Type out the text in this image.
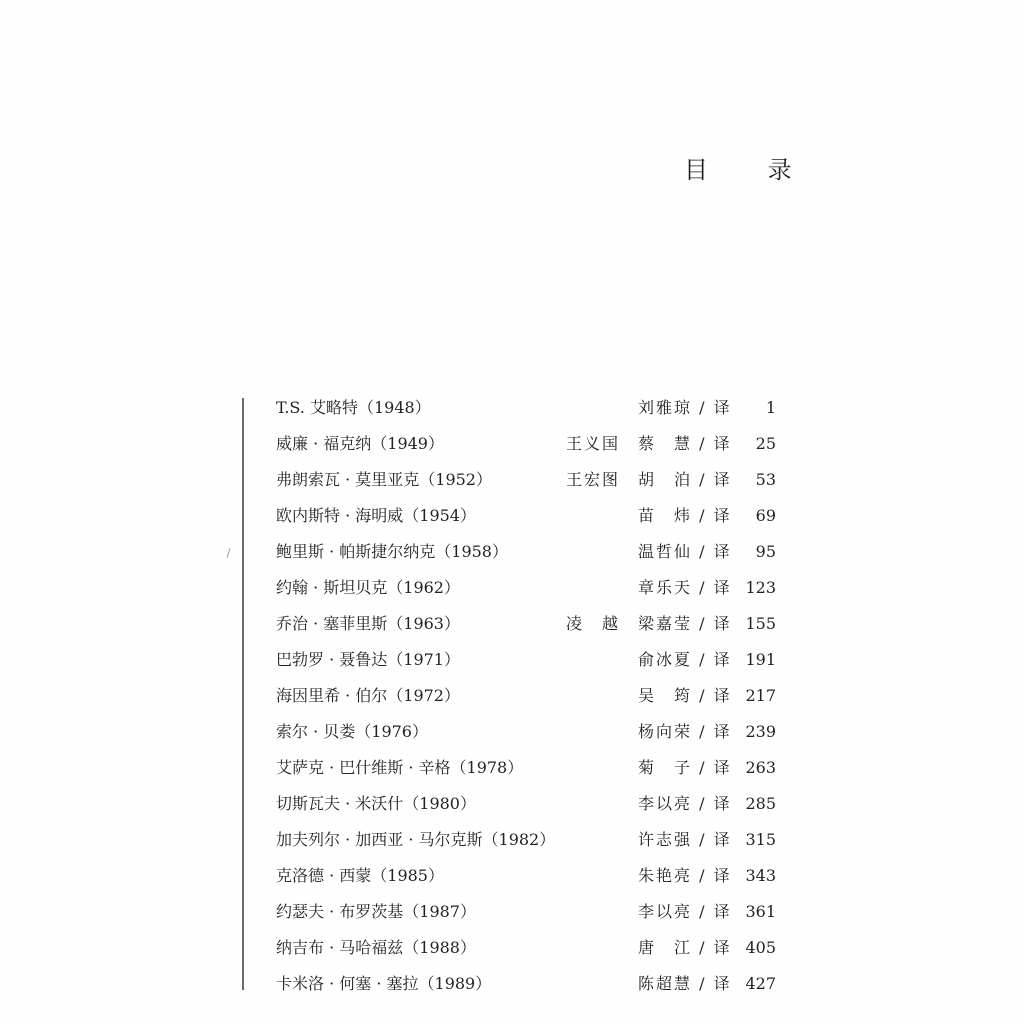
目 录
T.S. 艾略特（1948）	刘雅琼 / 译 1
威廉 · 福克纳（1949）	王义国 蔡　慧 / 译 25
弗朗索瓦 · 莫里亚克（1952）	王宏图 胡　泊 / 译 53
欧内斯特 · 海明威（1954）	苗　炜 / 译 69
鲍里斯 · 帕斯捷尔纳克（1958）	温哲仙 / 译 95
约翰 · 斯坦贝克（1962）	章乐天 / 译 123
乔治 · 塞菲里斯（1963）	凌　越 梁嘉莹 / 译 155
巴勃罗 · 聂鲁达（1971）	俞冰夏 / 译 191
海因里希 · 伯尔（1972）	吴　筠 / 译 217
索尔 · 贝娄（1976）	杨向荣 / 译 239
艾萨克 · 巴什维斯 · 辛格（1978）	菊　子 / 译 263
切斯瓦夫 · 米沃什（1980）	李以亮 / 译 285
加夫列尔 · 加西亚 · 马尔克斯（1982）	许志强 / 译 315
克洛德 · 西蒙（1985）	朱艳亮 / 译 343
约瑟夫 · 布罗茨基（1987）	李以亮 / 译 361
纳吉布 · 马哈福兹（1988）	唐　江 / 译 405
卡米洛 · 何塞 · 塞拉（1989）	陈超慧 / 译 427
